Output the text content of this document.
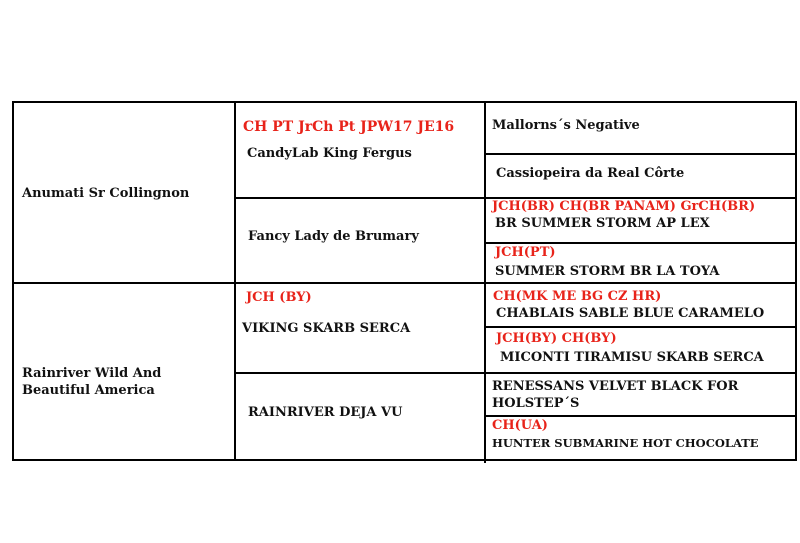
Anumati Sr Collingnon
Rainriver Wild And
Beautiful America
CH PT JrCh Pt JPW17 JE16
CandyLab King Fergus
Fancy Lady de Brumary
JCH (BY)
VIKING SKARB SERCA
RAINRIVER DEJA VU
Mallorns´s Negative
Cassiopeira da Real Côrte
JCH(BR) CH(BR PANAM) GrCH(BR)
BR SUMMER STORM AP LEX
JCH(PT)
SUMMER STORM BR LA TOYA
CH(MK ME BG CZ HR)
CHABLAIS SABLE BLUE CARAMELO
JCH(BY) CH(BY)
MICONTI TIRAMISU SKARB SERCA
RENESSANS VELVET BLACK FOR
HOLSTEP´S
CH(UA)
HUNTER SUBMARINE HOT CHOCOLATE
